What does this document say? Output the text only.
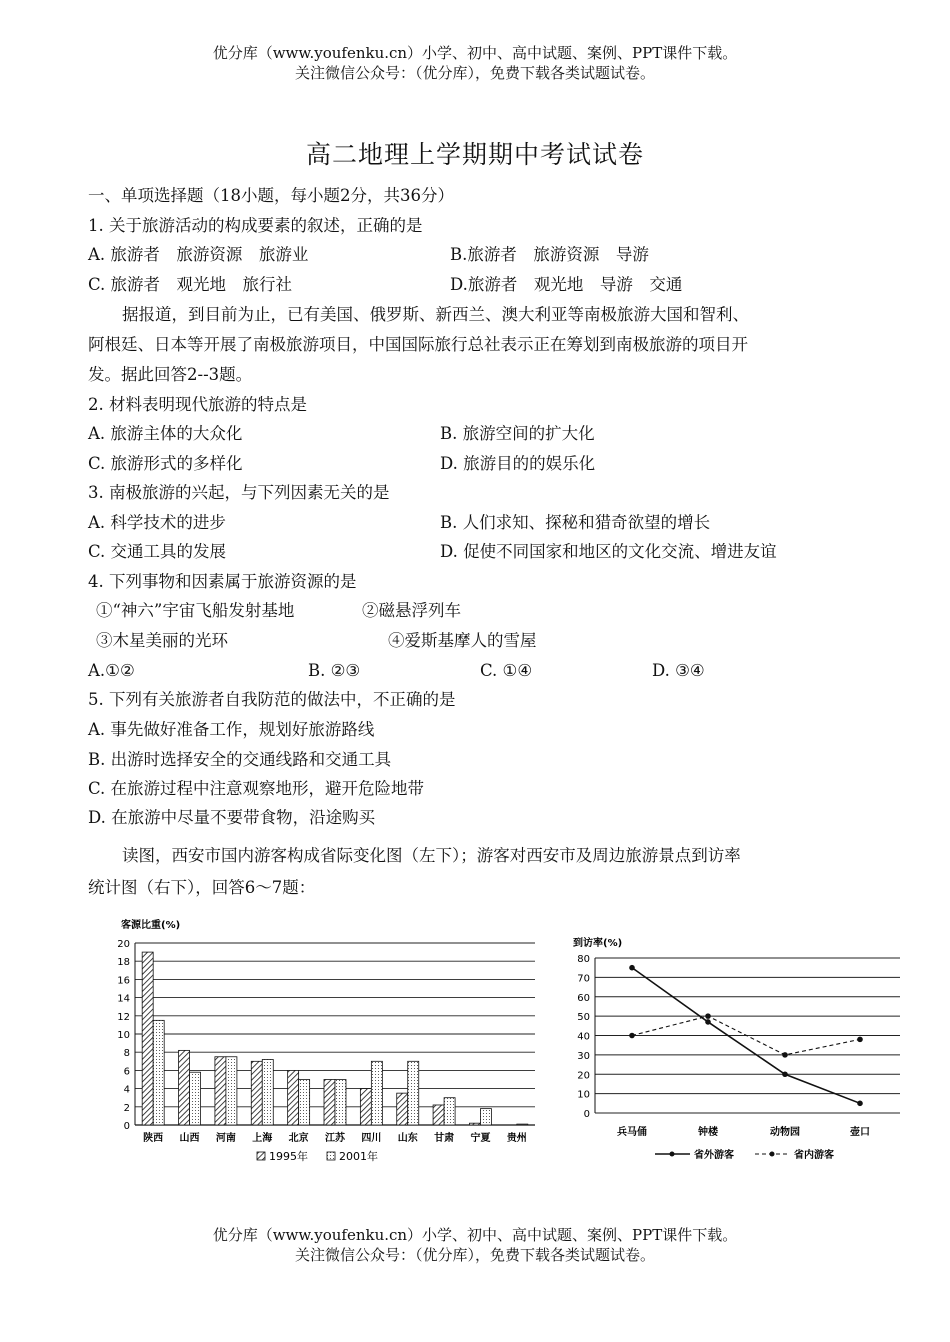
优分库（www.youfenku.cn）小学、初中、高中试题、案例、PPT课件下载。
关注微信公众号：（优分库），免费下载各类试题试卷。
高二地理上学期期中考试试卷
一、单项选择题（18小题，每小题2分，共36分）
1. 关于旅游活动的构成要素的叙述，正确的是
A. 旅游者　旅游资源　旅游业	B.旅游者　旅游资源　导游
C. 旅游者　观光地　旅行社	D.旅游者　观光地　导游　交通
据报道，到目前为止，已有美国、俄罗斯、新西兰、澳大利亚等南极旅游大国和智利、
阿根廷、日本等开展了南极旅游项目，中国国际旅行总社表示正在筹划到南极旅游的项目开
发。据此回答2--3题。
2. 材料表明现代旅游的特点是
A. 旅游主体的大众化	B. 旅游空间的扩大化
C. 旅游形式的多样化	D. 旅游目的的娱乐化
3. 南极旅游的兴起，与下列因素无关的是
A. 科学技术的进步	B. 人们求知、探秘和猎奇欲望的增长
C. 交通工具的发展	D. 促使不同国家和地区的文化交流、增进友谊
4. 下列事物和因素属于旅游资源的是
①“神六”宇宙飞船发射基地	②磁悬浮列车
③木星美丽的光环	④爱斯基摩人的雪屋
A.①②	B. ②③	C. ①④	D. ③④
5. 下列有关旅游者自我防范的做法中，不正确的是
A. 事先做好准备工作，规划好旅游路线
B. 出游时选择安全的交通线路和交通工具
C. 在旅游过程中注意观察地形，避开危险地带
D. 在旅游中尽量不要带食物，沿途购买
读图，西安市国内游客构成省际变化图（左下）；游客对西安市及周边旅游景点到访率
统计图（右下），回答6～7题：
客源比重(%)
0
2
4
6
8
10
12
14
16
18
20
陕西 山西 河南 上海 北京 江苏 四川 山东 甘肃 宁夏 贵州
1995年	2001年
到访率(%)
0
10
20
30
40
50
60
70
80
兵马俑	钟楼	动物园	壶口
省外游客	省内游客
优分库（www.youfenku.cn）小学、初中、高中试题、案例、PPT课件下载。
关注微信公众号：（优分库），免费下载各类试题试卷。
